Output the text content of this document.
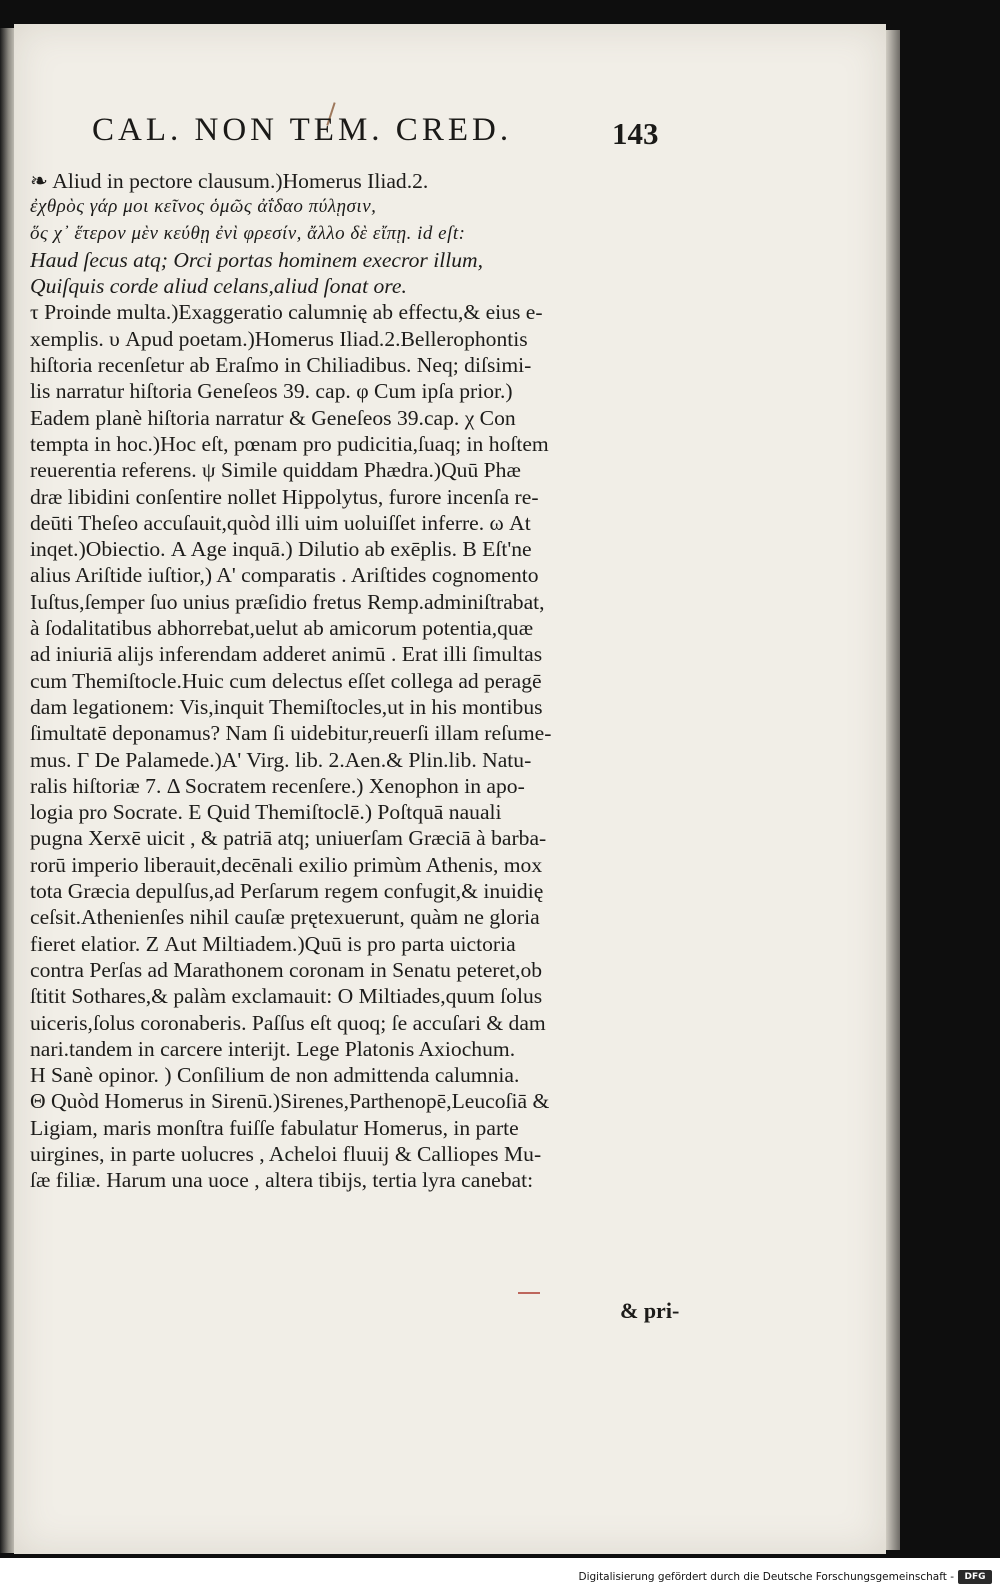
CAL. NON TEM. CRED.	143
❧ Aliud in pectore clausum.)Homerus Iliad.2.
ἐχθρὸς γάρ μοι κεῖνος ὁμῶς ἀΐδαο πύλῃσιν,
ὅς χ᾽ ἕτερον μὲν κεύθῃ ἐνὶ φρεσίν, ἄλλο δὲ εἴπῃ. id eſt:
Haud ſecus atq; Orci portas hominem execror illum,
Quiſquis corde aliud celans,aliud ſonat ore.
τ Proinde multa.)Exaggeratio calumnię ab effectu,& eius e-
xemplis. υ Apud poetam.)Homerus Iliad.2.Bellerophontis
hiſtoria recenſetur ab Eraſmo in Chiliadibus. Neq; diſsimi-
lis narratur hiſtoria Geneſeos 39. cap. φ Cum ipſa prior.)
Eadem planè hiſtoria narratur & Geneſeos 39.cap. χ Con
tempta in hoc.)Hoc eſt, pœnam pro pudicitia,ſuaq; in hoſtem
reuerentia referens. ψ Simile quiddam Phædra.)Quū Phæ
dræ libidini conſentire nollet Hippolytus, furore incenſa re-
deūti Theſeo accuſauit,quòd illi uim uoluiſſet inferre. ω At
inqet.)Obiectio. Α Age inquā.) Dilutio ab exēplis. Β Eſt'ne
alius Ariſtide iuſtior,) A' comparatis . Ariſtides cognomento
Iuſtus,ſemper ſuo unius præſidio fretus Remp.adminiſtrabat,
à ſodalitatibus abhorrebat,uelut ab amicorum potentia,quæ
ad iniuriā alijs inferendam adderet animū . Erat illi ſimultas
cum Themiſtocle.Huic cum delectus eſſet collega ad peragē
dam legationem: Vis,inquit Themiſtocles,ut in his montibus
ſimultatē deponamus? Nam ſi uidebitur,reuerſi illam reſume-
mus. Γ De Palamede.)A' Virg. lib. 2.Aen.& Plin.lib. Natu-
ralis hiſtoriæ 7. Δ Socratem recenſere.) Xenophon in apo-
logia pro Socrate. Ε Quid Themiſtoclē.) Poſtquā nauali
pugna Xerxē uicit , & patriā atq; uniuerſam Græciā à barba-
rorū imperio liberauit,decēnali exilio primùm Athenis, mox
tota Græcia depulſus,ad Perſarum regem confugit,& inuidię
ceſsit.Athenienſes nihil cauſæ prętexuerunt, quàm ne gloria
fieret elatior. Ζ Aut Miltiadem.)Quū is pro parta uictoria
contra Perſas ad Marathonem coronam in Senatu peteret,ob
ſtitit Sothares,& palàm exclamauit: O Miltiades,quum ſolus
uiceris,ſolus coronaberis. Paſſus eſt quoq; ſe accuſari & dam
nari.tandem in carcere interijt. Lege Platonis Axiochum.
Η Sanè opinor. ) Conſilium de non admittenda calumnia.
Θ Quòd Homerus in Sirenū.)Sirenes,Parthenopē,Leucoſiā &
Ligiam, maris monſtra fuiſſe fabulatur Homerus, in parte
uirgines, in parte uolucres , Acheloi fluuij & Calliopes Mu-
ſæ filiæ. Harum una uoce , altera tibijs, tertia lyra canebat:
& pri-
Digitalisierung gefördert durch die Deutsche Forschungsgemeinschaft -	DFG
